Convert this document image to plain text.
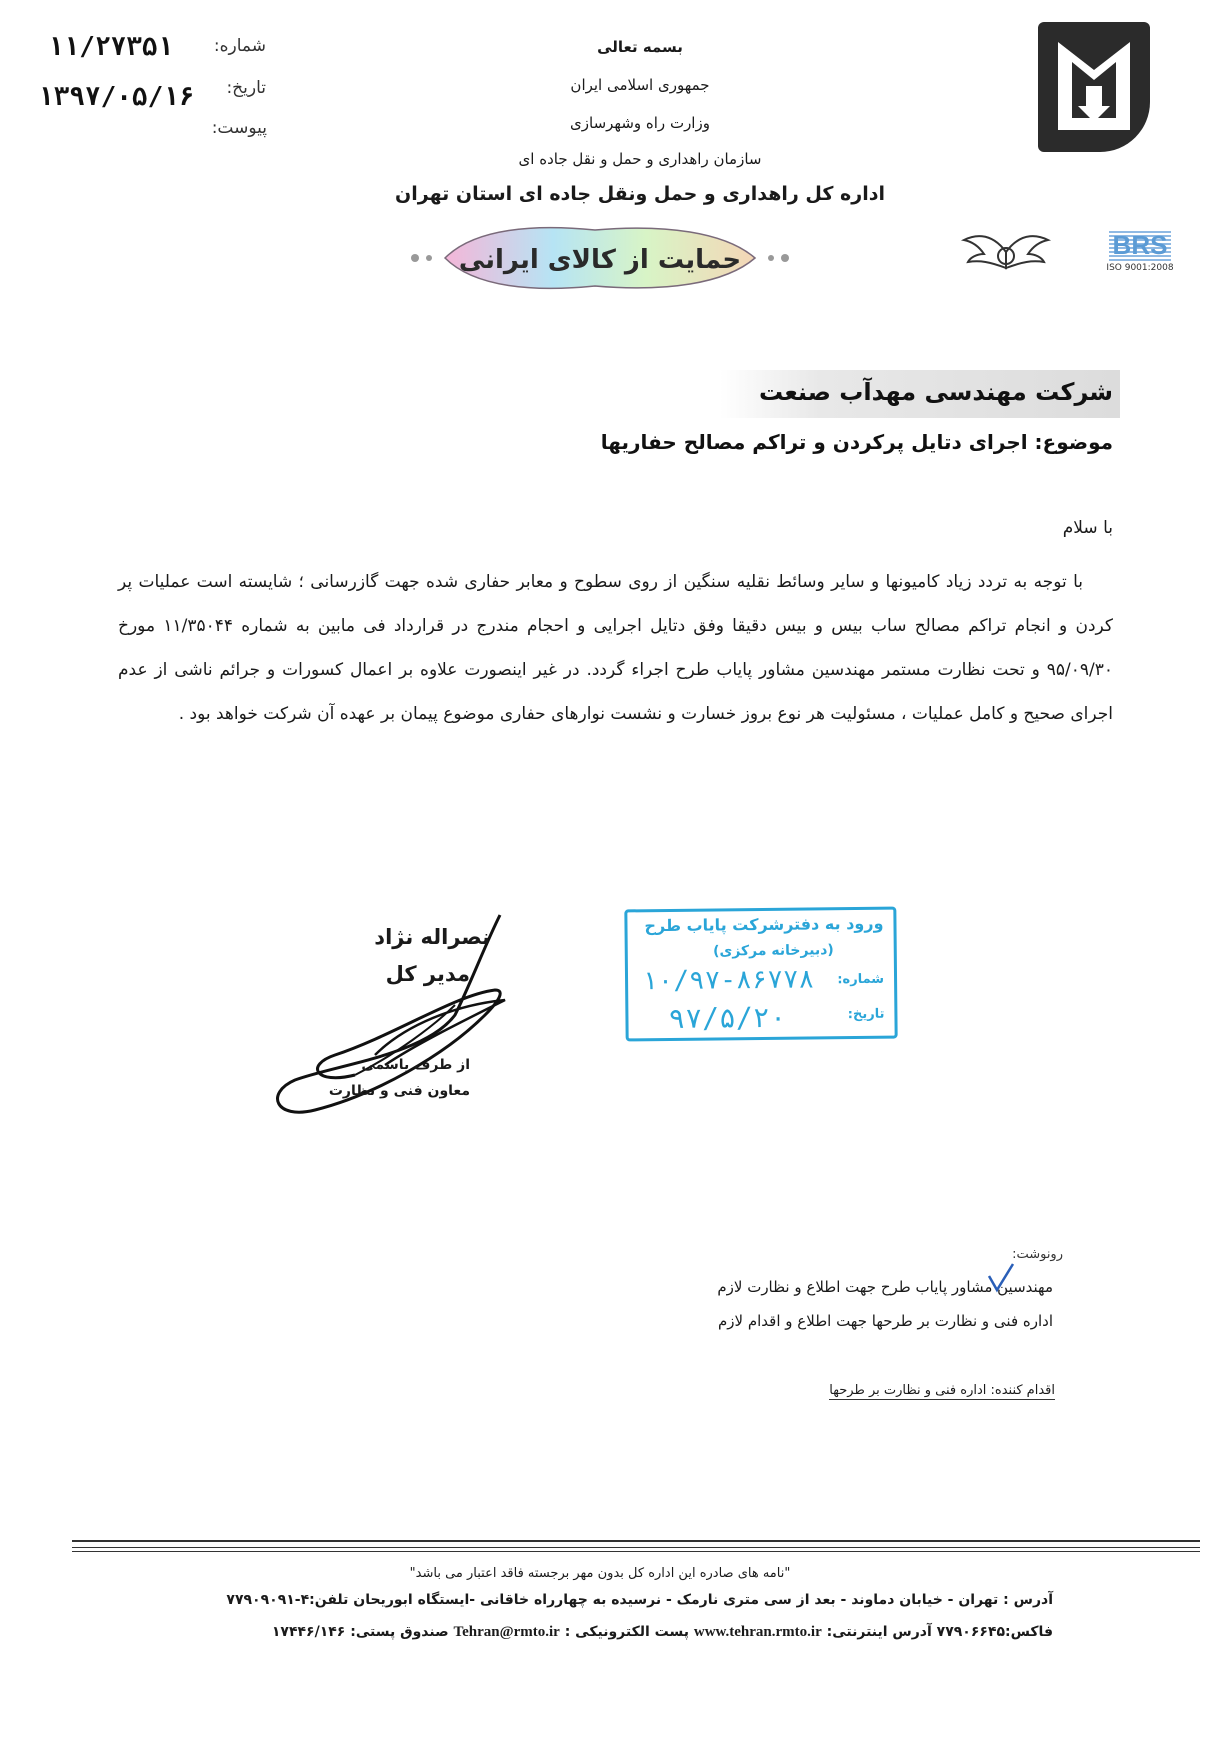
شماره:
۱۱/۲۷۳۵۱
تاریخ:
۱۳۹۷/۰۵/۱۶
پیوست:
بسمه تعالی
جمهوری اسلامی ایران
وزارت راه وشهرسازی
سازمان راهداری و حمل و نقل جاده ای
اداره کل راهداری و حمل ونقل جاده ای استان تهران
BRS
ISO 9001:2008
حمایت از کالای ایرانی
شرکت مهندسی مهدآب صنعت
موضوع: اجرای دتایل پرکردن و تراکم مصالح حفاریها
با سلام
با توجه به تردد زیاد کامیونها و سایر وسائط نقلیه سنگین از روی سطوح و معابر حفاری شده جهت گازرسانی ؛ شایسته است عملیات پر کردن و انجام تراکم مصالح ساب بیس و بیس دقیقا وفق دتایل اجرایی و احجام مندرج در قرارداد فی مابین به شماره ۱۱/۳۵۰۴۴ مورخ ۹۵/۰۹/۳۰ و تحت نظارت مستمر مهندسین مشاور پایاب طرح اجراء گردد. در غیر اینصورت علاوه بر اعمال کسورات و جرائم ناشی از عدم اجرای صحیح و کامل عملیات ، مسئولیت هر نوع بروز خسارت و نشست نوارهای حفاری موضوع پیمان بر عهده آن شرکت خواهد بود .
نصراله نژاد
مدیر کل
از طرف یاسمی
معاون فنی و نظارت
ورود به دفترشرکت پایاب طرح
(دبیرخانه مرکزی)
شماره:
۱۰/۹۷-۸۶۷۷۸
تاریخ:
۹۷/۵/۲۰
رونوشت:
مهندسین مشاور پایاب طرح جهت اطلاع و نظارت لازم
اداره فنی و نظارت بر طرحها جهت اطلاع و اقدام لازم
اقدام کننده: اداره فنی و نظارت بر طرحها
"نامه های صادره این اداره کل بدون مهر برجسته فاقد اعتبار می باشد"
آدرس : تهران - خیابان دماوند - بعد از سی متری نارمک - نرسیده به چهارراه خاقانی -ایستگاه ابوریحان تلفن:۴-۷۷۹۰۹۰۹۱
فاکس:۷۷۹۰۶۶۴۵ آدرس اینترنتی: www.tehran.rmto.ir پست الکترونیکی : Tehran@rmto.ir صندوق پستی: ۱۷۴۴۶/۱۴۶
